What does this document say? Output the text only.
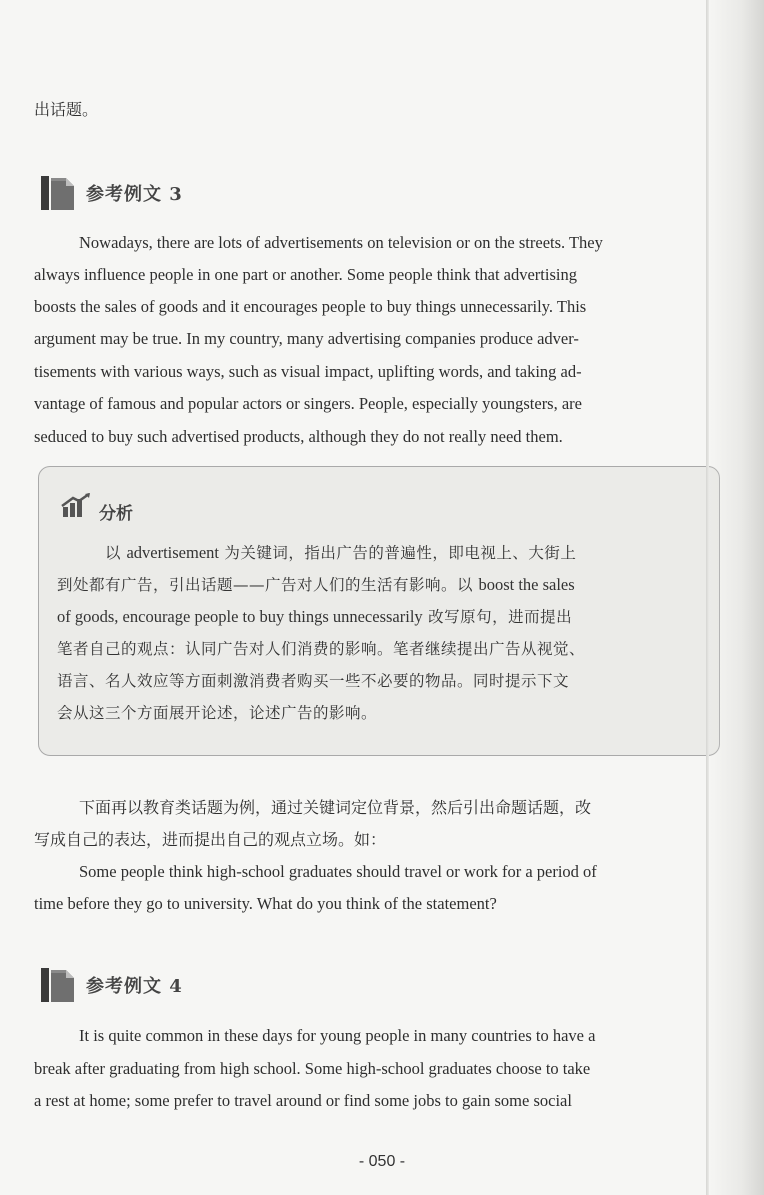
出话题。
参考例文 3
Nowadays, there are lots of advertisements on television or on the streets. They
always influence people in one part or another. Some people think that advertising
boosts the sales of goods and it encourages people to buy things unnecessarily. This
argument may be true. In my country, many advertising companies produce adver-
tisements with various ways, such as visual impact, uplifting words, and taking ad-
vantage of famous and popular actors or singers. People, especially youngsters, are
seduced to buy such advertised products, although they do not really need them.
分析
以 advertisement 为关键词，指出广告的普遍性，即电视上、大街上
到处都有广告，引出话题——广告对人们的生活有影响。以 boost the sales
of goods, encourage people to buy things unnecessarily 改写原句，进而提出
笔者自己的观点：认同广告对人们消费的影响。笔者继续提出广告从视觉、
语言、名人效应等方面刺激消费者购买一些不必要的物品。同时提示下文
会从这三个方面展开论述，论述广告的影响。
下面再以教育类话题为例，通过关键词定位背景，然后引出命题话题，改
写成自己的表达，进而提出自己的观点立场。如：
Some people think high-school graduates should travel or work for a period of
time before they go to university. What do you think of the statement?
参考例文 4
It is quite common in these days for young people in many countries to have a
break after graduating from high school. Some high-school graduates choose to take
a rest at home; some prefer to travel around or find some jobs to gain some social
- 050 -
